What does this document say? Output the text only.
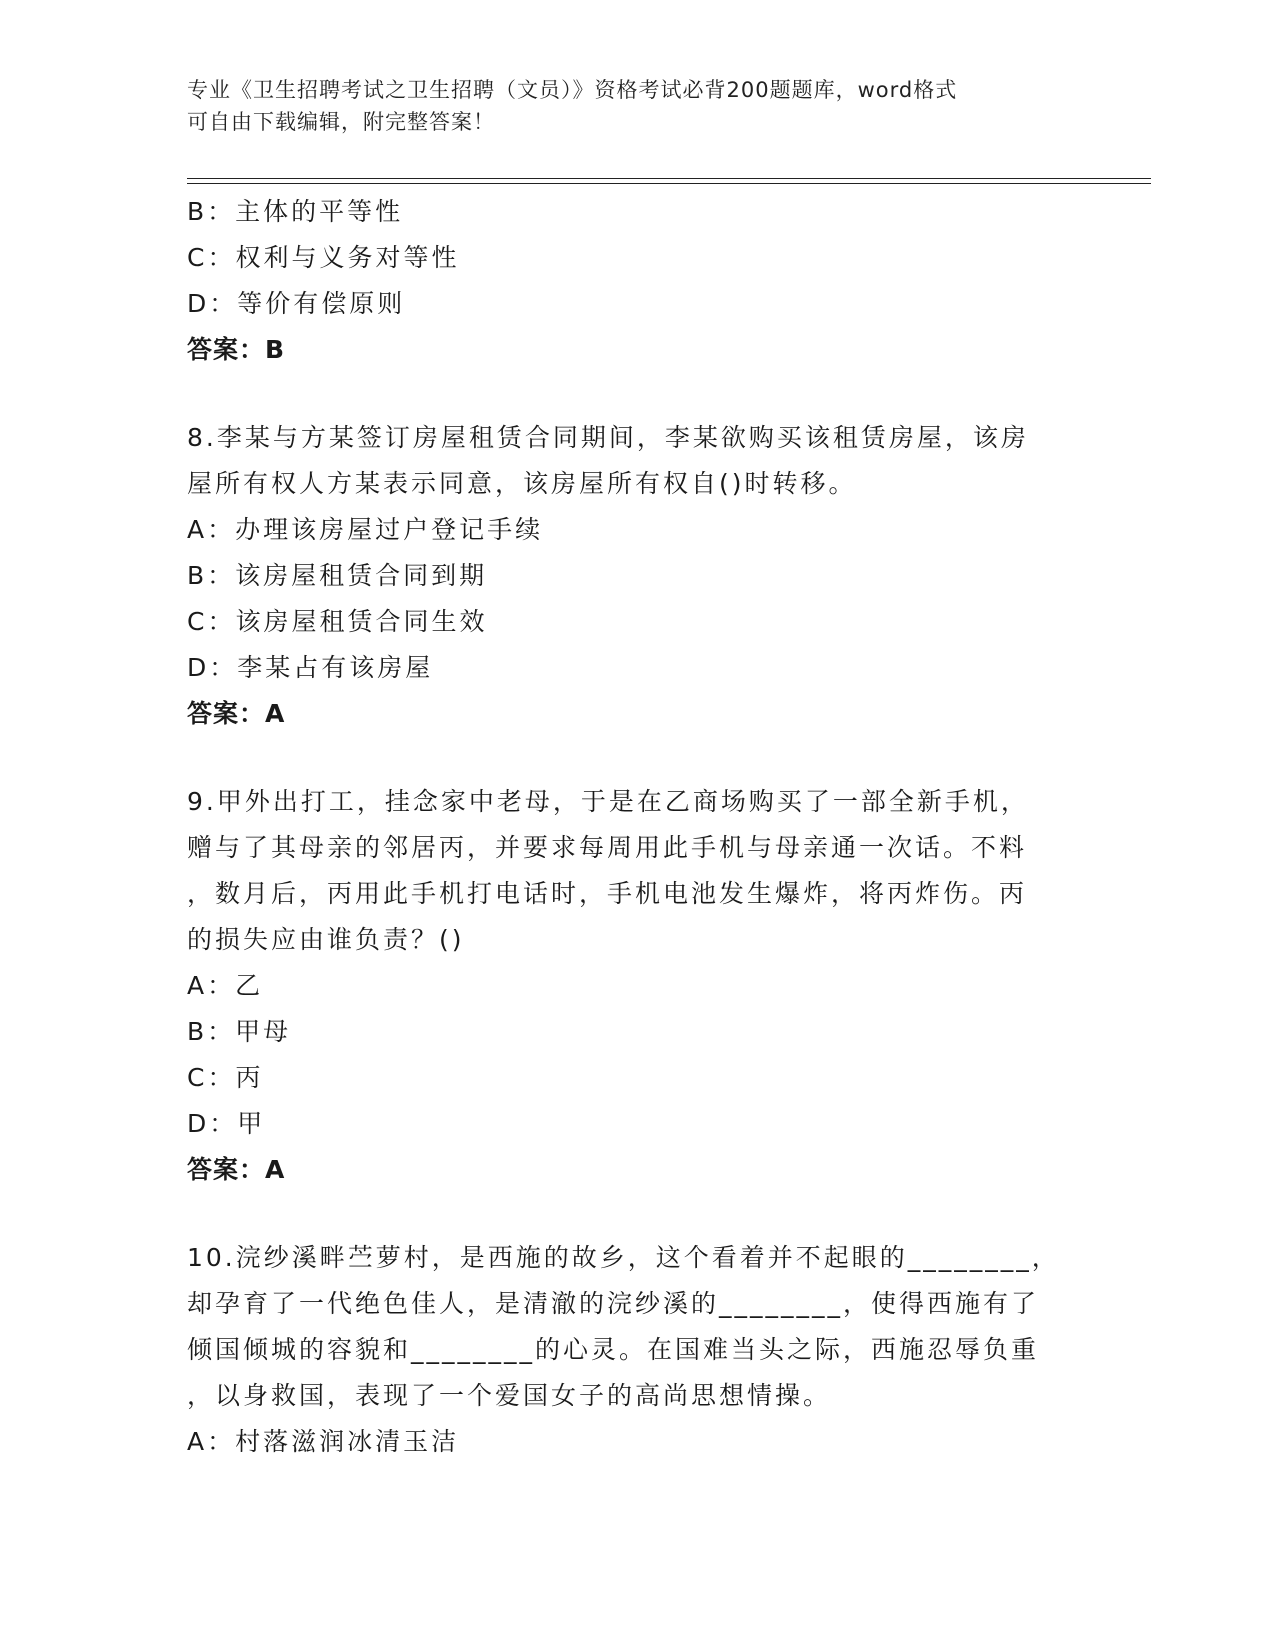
专业《卫生招聘考试之卫生招聘（文员）》资格考试必背200题题库，word格式
可自由下载编辑，附完整答案！
B：主体的平等性
C：权利与义务对等性
D：等价有偿原则
答案：B
8.李某与方某签订房屋租赁合同期间，李某欲购买该租赁房屋，该房
屋所有权人方某表示同意，该房屋所有权自()时转移。
A：办理该房屋过户登记手续
B：该房屋租赁合同到期
C：该房屋租赁合同生效
D：李某占有该房屋
答案：A
9.甲外出打工，挂念家中老母，于是在乙商场购买了一部全新手机，
赠与了其母亲的邻居丙，并要求每周用此手机与母亲通一次话。不料
，数月后，丙用此手机打电话时，手机电池发生爆炸，将丙炸伤。丙
的损失应由谁负责？()
A：乙
B：甲母
C：丙
D：甲
答案：A
10.浣纱溪畔苎萝村，是西施的故乡，这个看着并不起眼的________，
却孕育了一代绝色佳人，是清澈的浣纱溪的________，使得西施有了
倾国倾城的容貌和________的心灵。在国难当头之际，西施忍辱负重
，以身救国，表现了一个爱国女子的高尚思想情操。
A：村落滋润冰清玉洁
